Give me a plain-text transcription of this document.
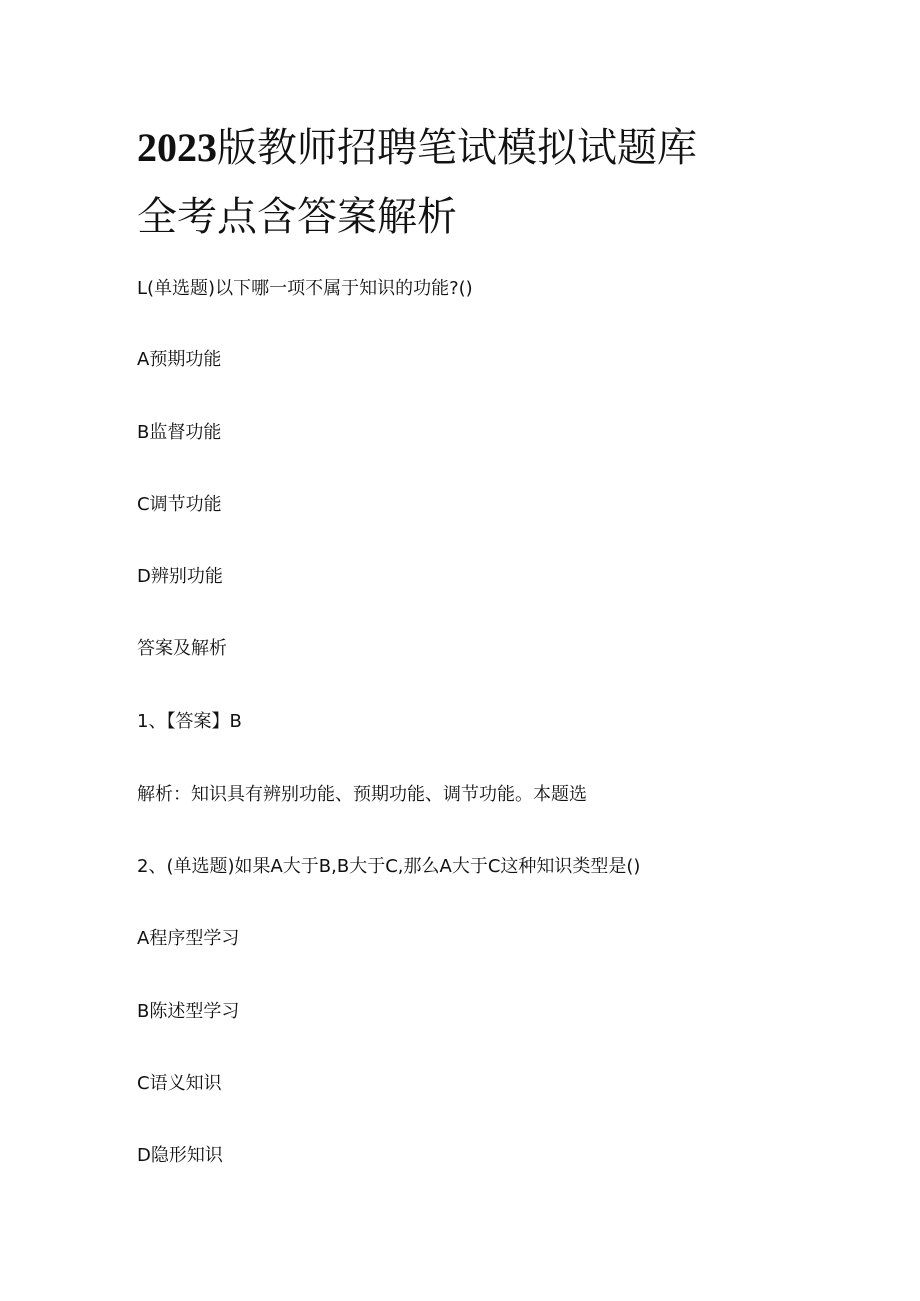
2023版教师招聘笔试模拟试题库
全考点含答案解析
L(单选题)以下哪一项不属于知识的功能?()
A预期功能
B监督功能
C调节功能
D辨别功能
答案及解析
1、【答案】B
解析：知识具有辨别功能、预期功能、调节功能。本题选
2、(单选题)如果A大于B,B大于C,那么A大于C这种知识类型是()
A程序型学习
B陈述型学习
C语义知识
D隐形知识
